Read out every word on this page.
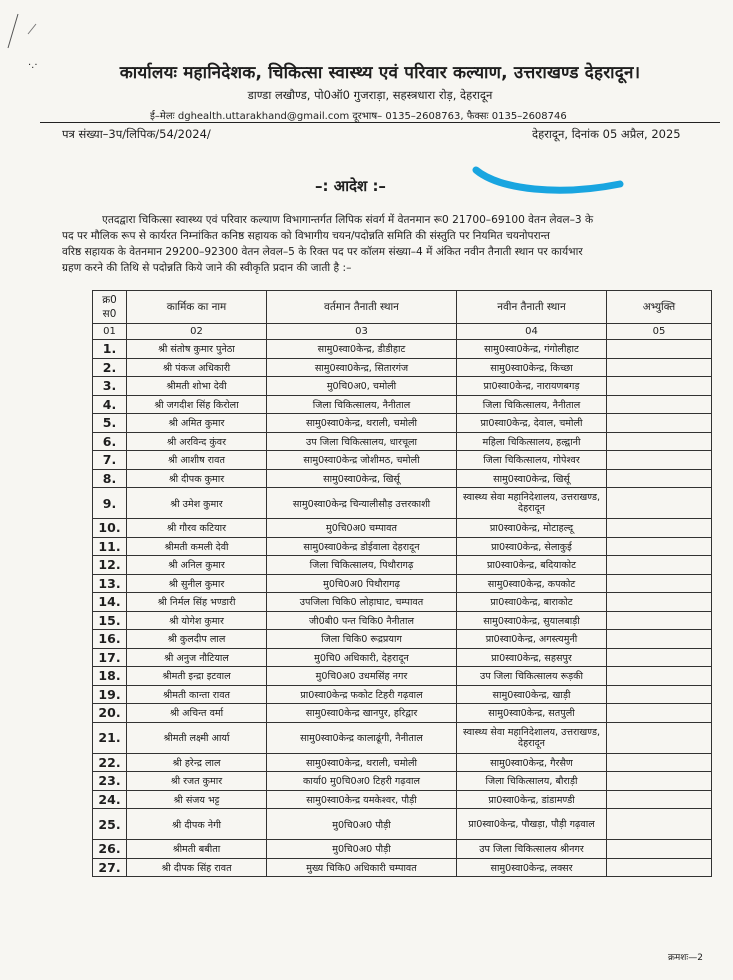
·.·	कार्यालयः महानिदेशक, चिकित्सा स्वास्थ्य एवं परिवार कल्याण, उत्तराखण्ड देहरादून।
डाण्डा लखौण्ड, पो0ऑ0 गुजराड़ा, सहस्त्रधारा रोड़, देहरादून
ई–मेलः dghealth.uttarakhand@gmail.com दूरभाष– 0135–2608763, फैक्सः 0135–2608746
पत्र संख्या–3प/लिपिक/54/2024/	देहरादून, दिनांक 05 अप्रैल, 2025
–: आदेश :–
एतदद्वारा चिकित्सा स्वास्थ्य एवं परिवार कल्याण विभागान्तर्गत लिपिक संवर्ग में वेतनमान रू0 21700–69100 वेतन लेवल–3 के
पद पर मौलिक रूप से कार्यरत निम्नांकित कनिष्ठ सहायक को विभागीय चयन/पदोन्नति समिति की संस्तुति पर नियमित चयनोपरान्त
वरिष्ठ सहायक के वेतनमान 29200–92300 वेतन लेवल–5 के रिक्त पद पर कॉलम संख्या–4 में अंकित नवीन तैनाती स्थान पर कार्यभार
ग्रहण करने की तिथि से पदोन्नति किये जाने की स्वीकृति प्रदान की जाती है :–
क्र0 स0	कार्मिक का नाम	वर्तमान तैनाती स्थान	नवीन तैनाती स्थान	अभ्युक्ति
01	02	03	04	05
1.	श्री संतोष कुमार पुनेठा	सामु0स्वा0केन्द्र, डीडीहाट	सामु0स्वा0केन्द्र, गंगोलीहाट	
2.	श्री पंकज अधिकारी	सामु0स्वा0केन्द्र, सितारगंज	सामु0स्वा0केन्द्र, किच्छा	
3.	श्रीमती शोभा देवी	मु0चि0अ0, चमोली	प्रा0स्वा0केन्द्र, नारायणबगड़	
4.	श्री जगदीश सिंह किरोला	जिला चिकित्सालय, नैनीताल	जिला चिकित्सालय, नैनीताल	
5.	श्री अमित कुमार	सामु0स्वा0केन्द्र, थराली, चमोली	प्रा0स्वा0केन्द्र, देवाल, चमोली	
6.	श्री अरविन्द कुंवर	उप जिला चिकित्सालय, धारचूला	महिला चिकित्सालय, हल्द्वानी	
7.	श्री आशीष रावत	सामु0स्वा0केन्द्र जोशीमठ, चमोली	जिला चिकित्सालय, गोपेश्वर	
8.	श्री दीपक कुमार	सामु0स्वा0केन्द्र, खिर्सू	सामु0स्वा0केन्द्र, खिर्सू	
9.	श्री उमेश कुमार	सामु0स्वा0केन्द्र चिन्यालीसौड़ उत्तरकाशी	स्वास्थ्य सेवा महानिदेशालय, उत्तराखण्ड, देहरादून	
10.	श्री गौरव कटियार	मु0चि0अ0 चम्पावत	प्रा0स्वा0केन्द्र, मोटाहल्दू	
11.	श्रीमती कमली देवी	सामु0स्वा0केन्द्र डोईवाला देहरादून	प्रा0स्वा0केन्द्र, सेलाकुई	
12.	श्री अनिल कुमार	जिला चिकित्सालय, पिथौरागढ़	प्रा0स्वा0केन्द्र, बदियाकोट	
13.	श्री सुनील कुमार	मु0चि0अ0 पिथौरागढ़	सामु0स्वा0केन्द्र, कपकोट	
14.	श्री निर्मल सिंह भण्डारी	उपजिला चिकि0 लोहाघाट, चम्पावत	प्रा0स्वा0केन्द्र, बाराकोट	
15.	श्री योगेश कुमार	जी0बी0 पन्त चिकि0 नैनीताल	सामु0स्वा0केन्द्र, सुयालबाड़ी	
16.	श्री कुलदीप लाल	जिला चिकि0 रूद्रप्रयाग	प्रा0स्वा0केन्द्र, अगस्त्यमुनी	
17.	श्री अनुज नौटियाल	मु0चि0 अधिकारी, देहरादून	प्रा0स्वा0केन्द्र, सहसपुर	
18.	श्रीमती इन्द्रा इटवाल	मु0चि0अ0 उधमसिंह नगर	उप जिला चिकित्सालय रूड़की	
19.	श्रीमती कान्ता रावत	प्रा0स्वा0केन्द्र फकोट टिहरी गढ़वाल	सामु0स्वा0केन्द्र, खाड़ी	
20.	श्री अचिन्त वर्मा	सामु0स्वा0केन्द्र खानपुर, हरिद्वार	सामु0स्वा0केन्द्र, सतपुली	
21.	श्रीमती लक्ष्मी आर्या	सामु0स्वा0केन्द्र कालाढूंगी, नैनीताल	स्वास्थ्य सेवा महानिदेशालय, उत्तराखण्ड, देहरादून	
22.	श्री हरेन्द्र लाल	सामु0स्वा0केन्द्र, थराली, चमोली	सामु0स्वा0केन्द्र, गैरसैण	
23.	श्री रजत कुमार	कार्या0 मु0चि0अ0 टिहरी गढ़वाल	जिला चिकित्सालय, बौराड़ी	
24.	श्री संजय भट्ट	सामु0स्वा0केन्द्र यमकेश्वर, पौड़ी	प्रा0स्वा0केन्द्र, डांडामण्डी	
25.	श्री दीपक नेगी	मु0चि0अ0 पौड़ी	प्रा0स्वा0केन्द्र, पौखड़ा, पौड़ी गढ़वाल	
26.	श्रीमती बबीता	मु0चि0अ0 पौड़ी	उप जिला चिकित्सालय श्रीनगर	
27.	श्री दीपक सिंह रावत	मुख्य चिकि0 अधिकारी चम्पावत	सामु0स्वा0केन्द्र, लक्सर	
क्रमशः—2
